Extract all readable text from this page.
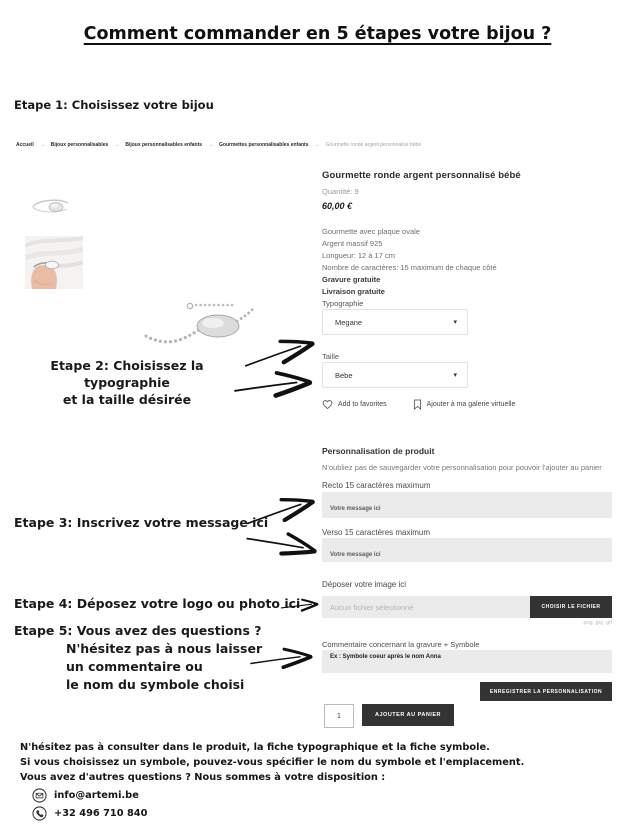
Comment commander en 5 étapes votre bijou ?
Etape 1: Choisissez votre bijou
Etape 2: Choisissez la typographie
et la taille désirée
Etape 3: Inscrivez votre message ici
Etape 4: Déposez votre logo ou photo ici
Etape 5: Vous avez des questions ?
N'hésitez pas à nous laisser
un commentaire ou
le nom du symbole choisi
Accueil → Bijoux personnalisables → Bijoux personnalisables enfants → Gourmettes personnalisables enfants → Gourmette ronde argent personnalisé bébé
Gourmette ronde argent personnalisé bébé
Quantité: 9
60,00 €
Gourmette avec plaque ovale
Argent massif 925
Longueur: 12 à 17 cm
Nombre de caractères: 15 maximum de chaque côté
Gravure gratuite
Livraison gratuite
Typographie
Megane	▾
Taille
Bebe	▾
Add to favorites	Ajouter à ma galerie virtuelle
Personnalisation de produit
N'oubliez pas de sauvegarder votre personnalisation pour pouvoir l'ajouter au panier
Recto 15 caractères maximum
Votre message ici
Verso 15 caractères maximum
Votre message ici
Déposer votre image ici
Aucun fichier sélectionné	CHOISIR LE FICHIER
.png .jpg .gif
Commentaire concernant la gravure + Symbole
Ex : Symbole coeur après le nom Anna
ENREGISTRER LA PERSONNALISATION
1	AJOUTER AU PANIER
N'hésitez pas à consulter dans le produit, la fiche typographique et la fiche symbole.
Si vous choisissez un symbole, pouvez-vous spécifier le nom du symbole et l'emplacement.
Vous avez d'autres questions ? Nous sommes à votre disposition :
info@artemi.be
+32 496 710 840
